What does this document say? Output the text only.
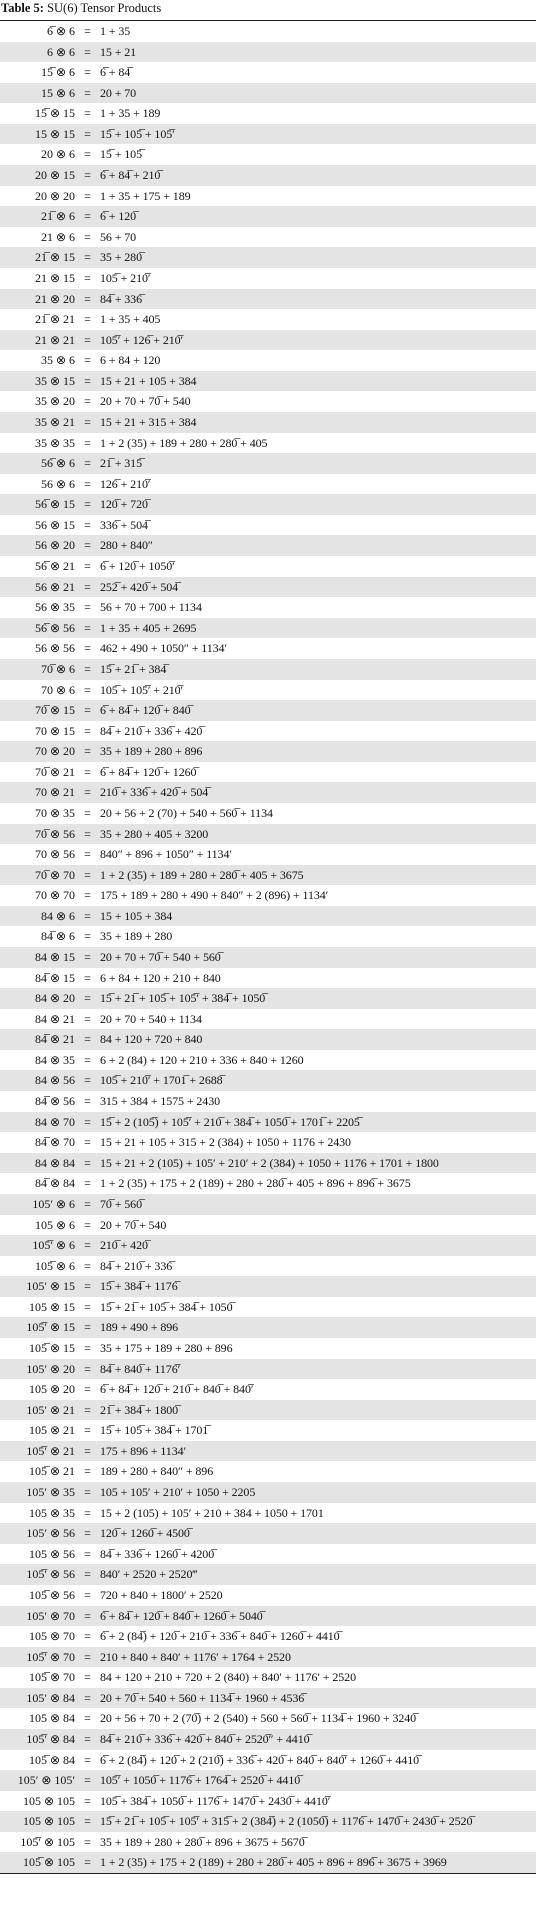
Table 5: SU(6) Tensor Products
6̅ ⊗ 6	=	1 + 35
6 ⊗ 6	=	15 + 21
15̅ ⊗ 6	=	6̅ + 84̅
15 ⊗ 6	=	20 + 70
15̅ ⊗ 15	=	1 + 35 + 189
15 ⊗ 15	=	15̅ + 105̅ + 105̅′
20 ⊗ 6	=	15̅ + 105̅
20 ⊗ 15	=	6̅ + 84̅ + 210̅
20 ⊗ 20	=	1 + 35 + 175 + 189
21̅ ⊗ 6	=	6̅ + 120̅
21 ⊗ 6	=	56 + 70
21̅ ⊗ 15	=	35 + 280̅
21 ⊗ 15	=	105̅ + 210̅′
21 ⊗ 20	=	84̅ + 336̅
21̅ ⊗ 21	=	1 + 35 + 405
21 ⊗ 21	=	105̅′ + 126̅ + 210̅′
35 ⊗ 6	=	6 + 84 + 120
35 ⊗ 15	=	15 + 21 + 105 + 384
35 ⊗ 20	=	20 + 70 + 70̅ + 540
35 ⊗ 21	=	15 + 21 + 315 + 384
35 ⊗ 35	=	1 + 2 (35) + 189 + 280 + 280̅ + 405
56̅ ⊗ 6	=	21̅ + 315̅
56 ⊗ 6	=	126̅ + 210̅′
56̅ ⊗ 15	=	120̅ + 720̅
56 ⊗ 15	=	336̅ + 504̅
56 ⊗ 20	=	280 + 840″
56̅ ⊗ 21	=	6̅ + 120̅ + 1050̅′
56 ⊗ 21	=	252̅ + 420̅ + 504̅
56 ⊗ 35	=	56 + 70 + 700 + 1134
56̅ ⊗ 56	=	1 + 35 + 405 + 2695
56 ⊗ 56	=	462 + 490 + 1050″ + 1134′
70̅ ⊗ 6	=	15̅ + 21̅ + 384̅
70 ⊗ 6	=	105̅ + 105̅′ + 210̅′
70̅ ⊗ 15	=	6̅ + 84̅ + 120̅ + 840̅
70 ⊗ 15	=	84̅ + 210̅ + 336̅ + 420̅
70 ⊗ 20	=	35 + 189 + 280 + 896
70̅ ⊗ 21	=	6̅ + 84̅ + 120̅ + 1260̅
70 ⊗ 21	=	210̅ + 336̅ + 420̅ + 504̅
70 ⊗ 35	=	20 + 56 + 2 (70) + 540 + 560̅ + 1134
70̅ ⊗ 56	=	35 + 280 + 405 + 3200
70 ⊗ 56	=	840″ + 896 + 1050″ + 1134′
70̅ ⊗ 70	=	1 + 2 (35) + 189 + 280 + 280̅ + 405 + 3675
70 ⊗ 70	=	175 + 189 + 280 + 490 + 840″ + 2 (896) + 1134′
84 ⊗ 6	=	15 + 105 + 384
84̅ ⊗ 6	=	35 + 189 + 280
84 ⊗ 15	=	20 + 70 + 70̅ + 540 + 560̅
84̅ ⊗ 15	=	6 + 84 + 120 + 210 + 840
84 ⊗ 20	=	15̅ + 21̅ + 105̅ + 105̅′ + 384̅ + 1050̅
84 ⊗ 21	=	20 + 70 + 540 + 1134
84̅ ⊗ 21	=	84 + 120 + 720 + 840
84 ⊗ 35	=	6 + 2 (84) + 120 + 210 + 336 + 840 + 1260
84 ⊗ 56	=	105̅ + 210̅′ + 1701̅ + 2688̅
84̅ ⊗ 56	=	315 + 384 + 1575 + 2430
84 ⊗ 70	=	15̅ + 2 (105̅) + 105̅′ + 210̅ + 384̅ + 1050̅ + 1701̅ + 2205̅
84̅ ⊗ 70	=	15 + 21 + 105 + 315 + 2 (384) + 1050 + 1176 + 2430
84 ⊗ 84	=	15 + 21 + 2 (105) + 105′ + 210′ + 2 (384) + 1050 + 1176 + 1701 + 1800
84̅ ⊗ 84	=	1 + 2 (35) + 175 + 2 (189) + 280 + 280̅ + 405 + 896 + 896̅ + 3675
105′ ⊗ 6	=	70̅ + 560̅
105 ⊗ 6	=	20 + 70̅ + 540
105̅′ ⊗ 6	=	210̅ + 420̅
105̅ ⊗ 6	=	84̅ + 210̅ + 336̅
105′ ⊗ 15	=	15̅ + 384̅ + 1176̅
105 ⊗ 15	=	15̅ + 21̅ + 105̅ + 384̅ + 1050̅
105̅′ ⊗ 15	=	189 + 490 + 896
105̅ ⊗ 15	=	35 + 175 + 189 + 280 + 896
105′ ⊗ 20	=	84̅ + 840̅ + 1176̅′
105 ⊗ 20	=	6̅ + 84̅ + 120̅ + 210̅ + 840̅ + 840̅′
105′ ⊗ 21	=	21̅ + 384̅ + 1800̅
105 ⊗ 21	=	15̅ + 105̅ + 384̅ + 1701̅
105̅′ ⊗ 21	=	175 + 896 + 1134′
105̅ ⊗ 21	=	189 + 280 + 840″ + 896
105′ ⊗ 35	=	105 + 105′ + 210′ + 1050 + 2205
105 ⊗ 35	=	15 + 2 (105) + 105′ + 210 + 384 + 1050 + 1701
105′ ⊗ 56	=	120̅ + 1260̅ + 4500̅
105 ⊗ 56	=	84̅ + 336̅ + 1260̅ + 4200̅
105̅′ ⊗ 56	=	840′ + 2520 + 2520‴
105̅ ⊗ 56	=	720 + 840 + 1800′ + 2520
105′ ⊗ 70	=	6̅ + 84̅ + 120̅ + 840̅ + 1260̅ + 5040̅
105 ⊗ 70	=	6̅ + 2 (84̅) + 120̅ + 210̅ + 336̅ + 840̅ + 1260̅ + 4410̅
105̅′ ⊗ 70	=	210 + 840 + 840′ + 1176′ + 1764 + 2520
105̅ ⊗ 70	=	84 + 120 + 210 + 720 + 2 (840) + 840′ + 1176′ + 2520
105′ ⊗ 84	=	20 + 70̅ + 540 + 560 + 1134̅ + 1960 + 4536̅
105 ⊗ 84	=	20 + 56 + 70 + 2 (70̅) + 2 (540) + 560 + 560̅ + 1134̅ + 1960 + 3240̅
105̅′ ⊗ 84	=	84̅ + 210̅ + 336̅ + 420̅ + 840̅ + 2520̅″ + 4410̅
105̅ ⊗ 84	=	6̅ + 2 (84̅) + 120̅ + 2 (210̅) + 336̅ + 420̅ + 840̅ + 840̅′ + 1260̅ + 4410̅
105′ ⊗ 105′	=	105̅′ + 1050̅ + 1176̅ + 1764̅ + 2520̅ + 4410̅
105 ⊗ 105	=	105̅ + 384̅ + 1050̅ + 1176̅ + 1470̅ + 2430̅ + 4410̅′
105 ⊗ 105	=	15̅ + 21̅ + 105̅ + 105̅′ + 315̅ + 2 (384̅) + 2 (1050̅) + 1176̅ + 1470̅ + 2430̅ + 2520̅
105̅′ ⊗ 105	=	35 + 189 + 280 + 280̅ + 896 + 3675 + 5670̅
105̅ ⊗ 105	=	1 + 2 (35) + 175 + 2 (189) + 280 + 280̅ + 405 + 896 + 896̅ + 3675 + 3969
